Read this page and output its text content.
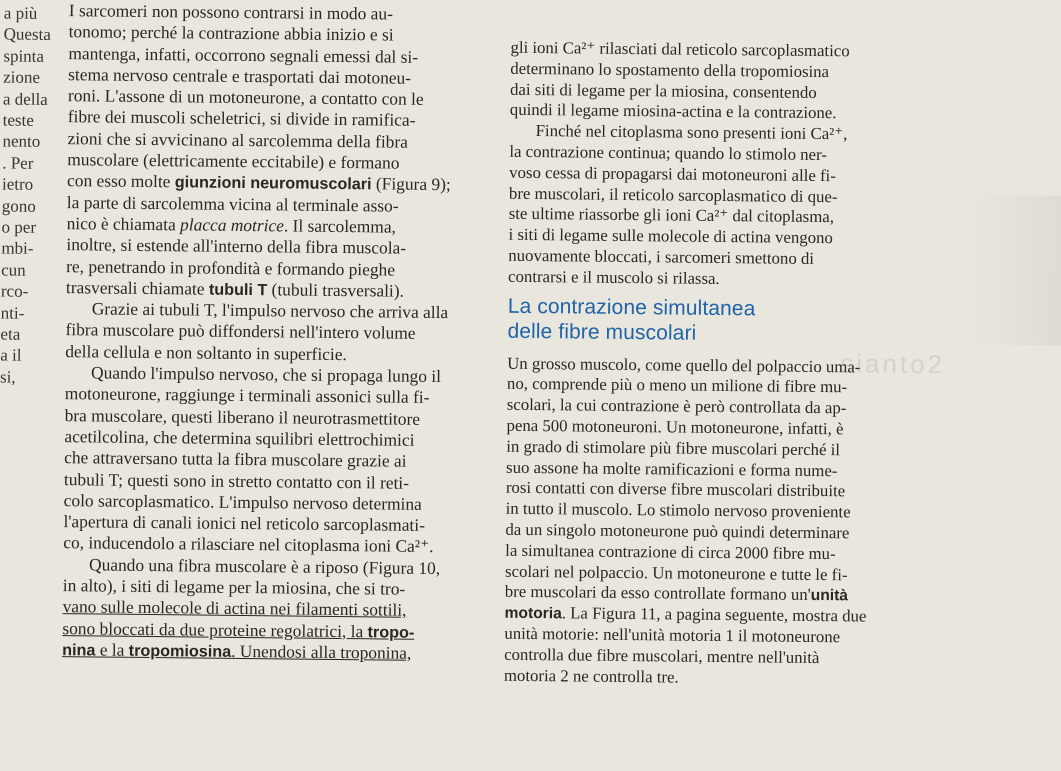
a più
Questa
spinta
zione
a della
teste
nento
. Per
ietro
gono
o per
mbi-
cun
rco-
nti-
eta
a il
si,
I sarcomeri non possono contrarsi in modo au-
tonomo; perché la contrazione abbia inizio e si
mantenga, infatti, occorrono segnali emessi dal si-
stema nervoso centrale e trasportati dai motoneu-
roni. L'assone di un motoneurone, a contatto con le
fibre dei muscoli scheletrici, si divide in ramifica-
zioni che si avvicinano al sarcolemma della fibra
muscolare (elettricamente eccitabile) e formano
con esso molte giunzioni neuromuscolari (Figura 9);
la parte di sarcolemma vicina al terminale asso-
nico è chiamata placca motrice. Il sarcolemma,
inoltre, si estende all'interno della fibra muscola-
re, penetrando in profondità e formando pieghe
trasversali chiamate tubuli T (tubuli trasversali).
Grazie ai tubuli T, l'impulso nervoso che arriva alla
fibra muscolare può diffondersi nell'intero volume
della cellula e non soltanto in superficie.
Quando l'impulso nervoso, che si propaga lungo il
motoneurone, raggiunge i terminali assonici sulla fi-
bra muscolare, questi liberano il neurotrasmettitore
acetilcolina, che determina squilibri elettrochimici
che attraversano tutta la fibra muscolare grazie ai
tubuli T; questi sono in stretto contatto con il reti-
colo sarcoplasmatico. L'impulso nervoso determina
l'apertura di canali ionici nel reticolo sarcoplasmati-
co, inducendolo a rilasciare nel citoplasma ioni Ca²⁺.
Quando una fibra muscolare è a riposo (Figura 10,
in alto), i siti di legame per la miosina, che si tro-
vano sulle molecole di actina nei filamenti sottili,
sono bloccati da due proteine regolatrici, la tropo-
nina e la tropomiosina. Unendosi alla troponina,
gli ioni Ca²⁺ rilasciati dal reticolo sarcoplasmatico
determinano lo spostamento della tropomiosina
dai siti di legame per la miosina, consentendo
quindi il legame miosina-actina e la contrazione.
Finché nel citoplasma sono presenti ioni Ca²⁺,
la contrazione continua; quando lo stimolo ner-
voso cessa di propagarsi dai motoneuroni alle fi-
bre muscolari, il reticolo sarcoplasmatico di que-
ste ultime riassorbe gli ioni Ca²⁺ dal citoplasma,
i siti di legame sulle molecole di actina vengono
nuovamente bloccati, i sarcomeri smettono di
contrarsi e il muscolo si rilassa.
La contrazione simultanea
delle fibre muscolari
Un grosso muscolo, come quello del polpaccio uma-
no, comprende più o meno un milione di fibre mu-
scolari, la cui contrazione è però controllata da ap-
pena 500 motoneuroni. Un motoneurone, infatti, è
in grado di stimolare più fibre muscolari perché il
suo assone ha molte ramificazioni e forma nume-
rosi contatti con diverse fibre muscolari distribuite
in tutto il muscolo. Lo stimolo nervoso proveniente
da un singolo motoneurone può quindi determinare
la simultanea contrazione di circa 2000 fibre mu-
scolari nel polpaccio. Un motoneurone e tutte le fi-
bre muscolari da esso controllate formano un'unità
motoria. La Figura 11, a pagina seguente, mostra due
unità motorie: nell'unità motoria 1 il motoneurone
controlla due fibre muscolari, mentre nell'unità
motoria 2 ne controlla tre.
sianto2
